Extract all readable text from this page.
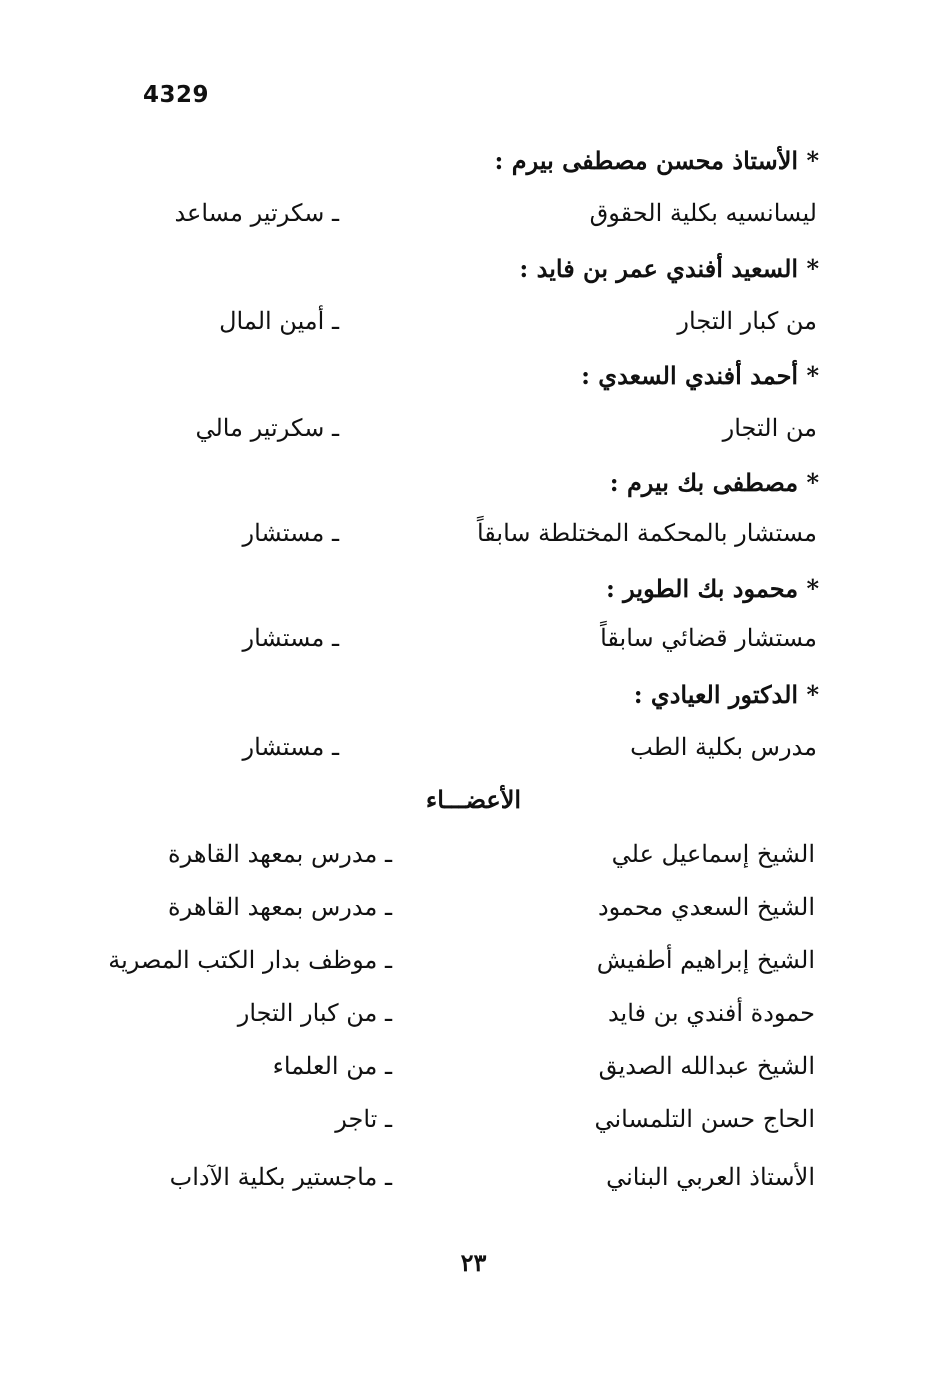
4329
* الأستاذ محسن مصطفى بيرم :
ليسانسيه بكلية الحقوق
ـ سكرتير مساعد
* السعيد أفندي عمر بن فايد :
من كبار التجار
ـ أمين المال
* أحمد أفندي السعدي :
من التجار
ـ سكرتير مالي
* مصطفى بك بيرم :
مستشار بالمحكمة المختلطة سابقاً
ـ مستشار
* محمود بك الطوير :
مستشار قضائي سابقاً
ـ مستشار
* الدكتور العيادي :
مدرس بكلية الطب
ـ مستشار
الأعضـــاء
الشيخ إسماعيل علي
ـ مدرس بمعهد القاهرة
الشيخ السعدي محمود
ـ مدرس بمعهد القاهرة
الشيخ إبراهيم أطفيش
ـ موظف بدار الكتب المصرية
حمودة أفندي بن فايد
ـ من كبار التجار
الشيخ عبدالله الصديق
ـ من العلماء
الحاج حسن التلمساني
ـ تاجر
الأستاذ العربي البناني
ـ ماجستير بكلية الآداب
٢٣
